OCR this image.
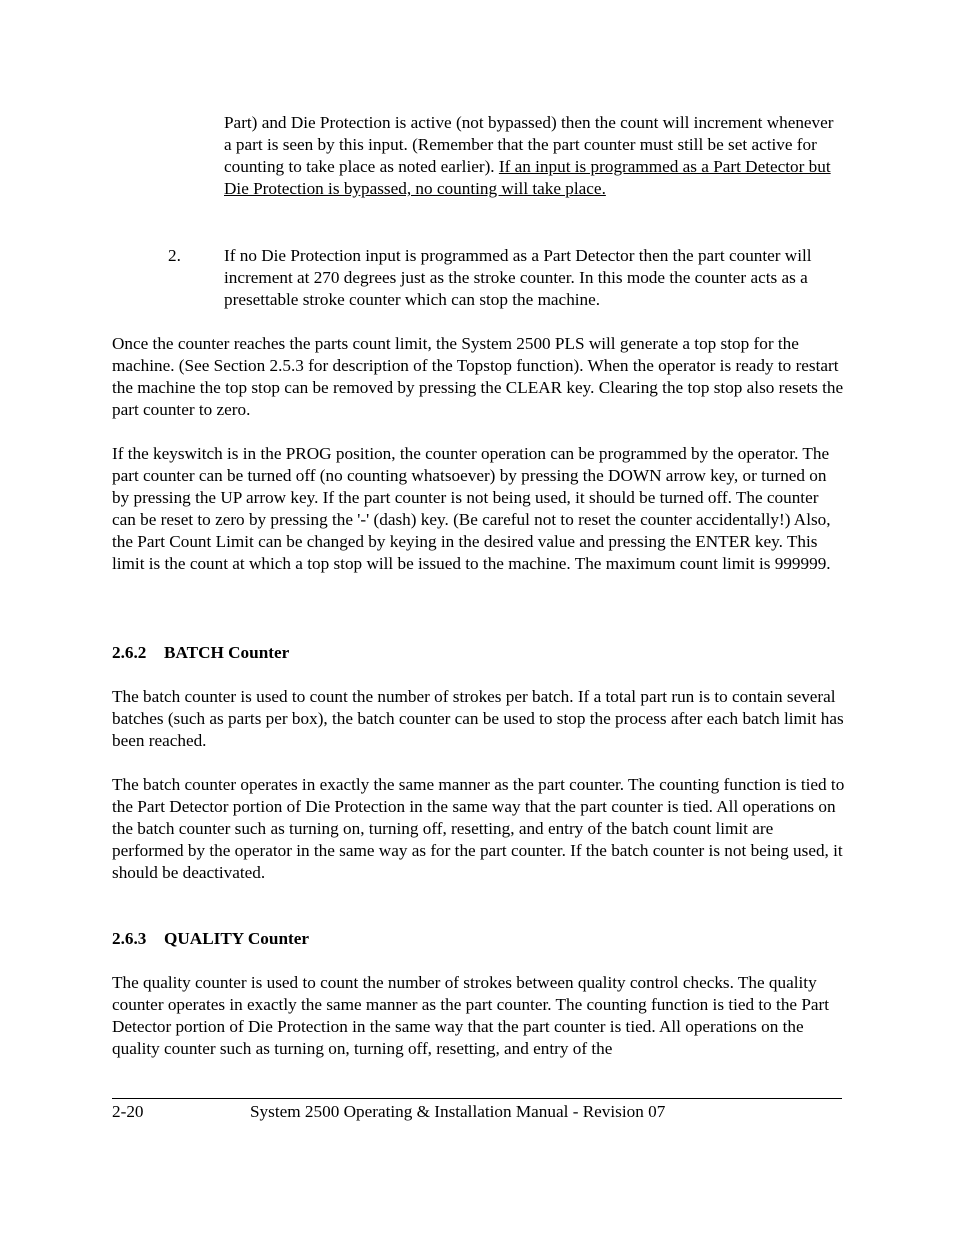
Part) and Die Protection is active (not bypassed) then the count will increment whenever a part is seen by this input. (Remember that the part counter must still be set active for counting to take place as noted earlier). If an input is programmed as a Part Detector but Die Protection is bypassed, no counting will take place.

2.	If no Die Protection input is programmed as a Part Detector then the part counter will increment at 270 degrees just as the stroke counter. In this mode the counter acts as a presettable stroke counter which can stop the machine.

Once the counter reaches the parts count limit, the System 2500 PLS will generate a top stop for the machine. (See Section 2.5.3 for description of the Topstop function). When the operator is ready to restart the machine the top stop can be removed by pressing the CLEAR key. Clearing the top stop also resets the part counter to zero.

If the keyswitch is in the PROG position, the counter operation can be programmed by the operator. The part counter can be turned off (no counting whatsoever) by pressing the DOWN arrow key, or turned on by pressing the UP arrow key. If the part counter is not being used, it should be turned off. The counter can be reset to zero by pressing the '-' (dash) key. (Be careful not to reset the counter accidentally!) Also, the Part Count Limit can be changed by keying in the desired value and pressing the ENTER key. This limit is the count at which a top stop will be issued to the machine. The maximum count limit is 999999.

2.6.2 BATCH Counter

The batch counter is used to count the number of strokes per batch. If a total part run is to contain several batches (such as parts per box), the batch counter can be used to stop the process after each batch limit has been reached.

The batch counter operates in exactly the same manner as the part counter. The counting function is tied to the Part Detector portion of Die Protection in the same way that the part counter is tied. All operations on the batch counter such as turning on, turning off, resetting, and entry of the batch count limit are performed by the operator in the same way as for the part counter. If the batch counter is not being used, it should be deactivated.

2.6.3 QUALITY Counter

The quality counter is used to count the number of strokes between quality control checks. The quality counter operates in exactly the same manner as the part counter. The counting function is tied to the Part Detector portion of Die Protection in the same way that the part counter is tied. All operations on the quality counter such as turning on, turning off, resetting, and entry of the

2-20	System 2500 Operating & Installation Manual - Revision 07
